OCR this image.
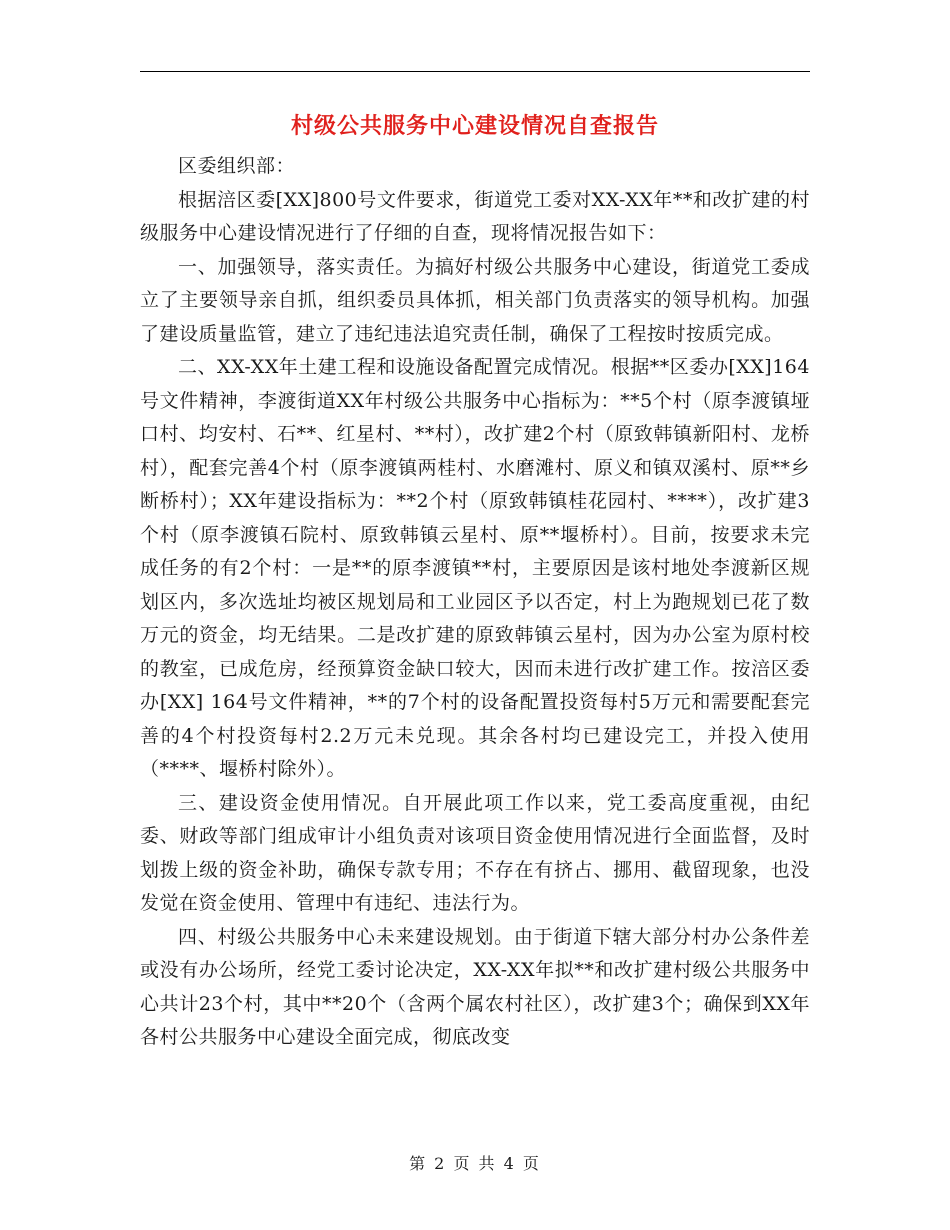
村级公共服务中心建设情况自查报告

区委组织部：

根据涪区委[XX]800号文件要求，街道党工委对XX-XX年**和改扩建的村级服务中心建设情况进行了仔细的自查，现将情况报告如下：

一、加强领导，落实责任。为搞好村级公共服务中心建设，街道党工委成立了主要领导亲自抓，组织委员具体抓，相关部门负责落实的领导机构。加强了建设质量监管，建立了违纪违法追究责任制，确保了工程按时按质完成。

二、XX-XX年土建工程和设施设备配置完成情况。根据**区委办[XX]164号文件精神，李渡街道XX年村级公共服务中心指标为：**5个村（原李渡镇垭口村、均安村、石**、红星村、**村），改扩建2个村（原致韩镇新阳村、龙桥村），配套完善4个村（原李渡镇两桂村、水磨滩村、原义和镇双溪村、原**乡断桥村）；XX年建设指标为：**2个村（原致韩镇桂花园村、****），改扩建3个村（原李渡镇石院村、原致韩镇云星村、原**堰桥村）。目前，按要求未完成任务的有2个村：一是**的原李渡镇**村，主要原因是该村地处李渡新区规划区内，多次选址均被区规划局和工业园区予以否定，村上为跑规划已花了数万元的资金，均无结果。二是改扩建的原致韩镇云星村，因为办公室为原村校的教室，已成危房，经预算资金缺口较大，因而未进行改扩建工作。按涪区委办[XX] 164号文件精神，**的7个村的设备配置投资每村5万元和需要配套完善的4个村投资每村2.2万元未兑现。其余各村均已建设完工，并投入使用（****、堰桥村除外）。

三、建设资金使用情况。自开展此项工作以来，党工委高度重视，由纪委、财政等部门组成审计小组负责对该项目资金使用情况进行全面监督，及时划拨上级的资金补助，确保专款专用；不存在有挤占、挪用、截留现象，也没发觉在资金使用、管理中有违纪、违法行为。

四、村级公共服务中心未来建设规划。由于街道下辖大部分村办公条件差或没有办公场所，经党工委讨论决定，XX-XX年拟**和改扩建村级公共服务中心共计23个村，其中**20个（含两个属农村社区），改扩建3个；确保到XX年各村公共服务中心建设全面完成，彻底改变

第 2 页 共 4 页
